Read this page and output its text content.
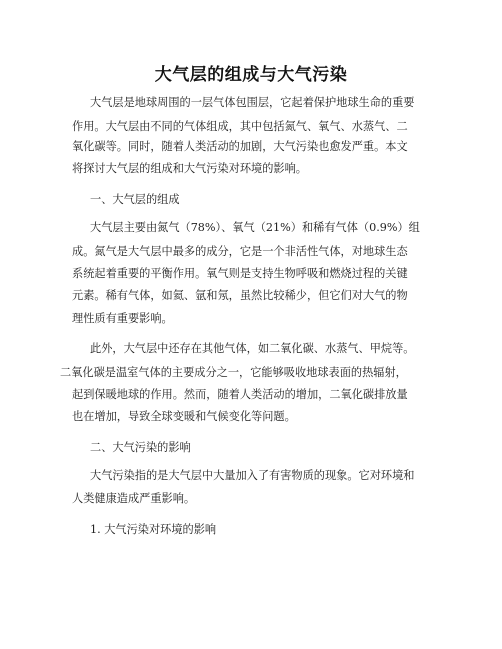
大气层的组成与大气污染
大气层是地球周围的一层气体包围层，它起着保护地球生命的重要
作用。大气层由不同的气体组成，其中包括氮气、氧气、水蒸气、二
氧化碳等。同时，随着人类活动的加剧，大气污染也愈发严重。本文
将探讨大气层的组成和大气污染对环境的影响。
一、大气层的组成
大气层主要由氮气（78%）、氧气（21%）和稀有气体（0.9%）组
成。氮气是大气层中最多的成分，它是一个非活性气体，对地球生态
系统起着重要的平衡作用。氧气则是支持生物呼吸和燃烧过程的关键
元素。稀有气体，如氦、氩和氖，虽然比较稀少，但它们对大气的物
理性质有重要影响。
此外，大气层中还存在其他气体，如二氧化碳、水蒸气、甲烷等。
二氧化碳是温室气体的主要成分之一，它能够吸收地球表面的热辐射，
起到保暖地球的作用。然而，随着人类活动的增加，二氧化碳排放量
也在增加，导致全球变暖和气候变化等问题。
二、大气污染的影响
大气污染指的是大气层中大量加入了有害物质的现象。它对环境和
人类健康造成严重影响。
1. 大气污染对环境的影响
